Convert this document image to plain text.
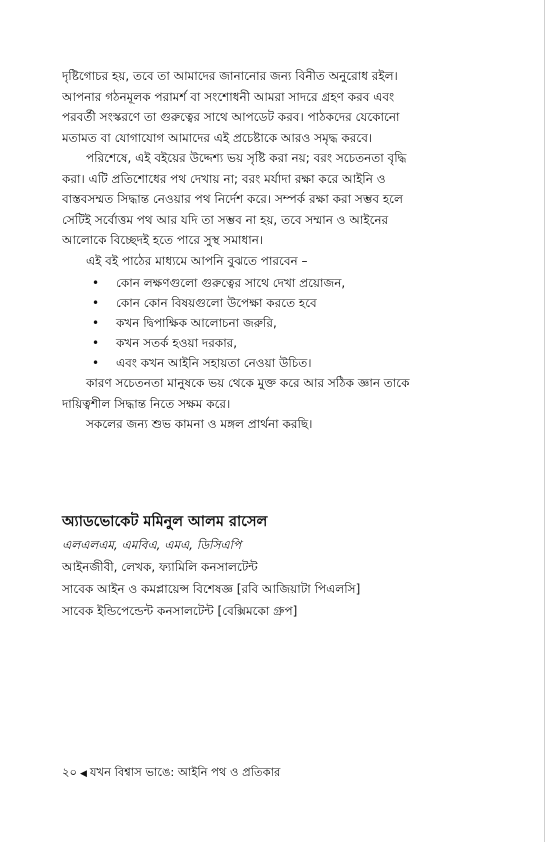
দৃষ্টিগোচর হয়, তবে তা আমাদের জানানোর জন্য বিনীত অনুরোধ রইল।
আপনার গঠনমূলক পরামর্শ বা সংশোধনী আমরা সাদরে গ্রহণ করব এবং
পরবর্তী সংস্করণে তা গুরুত্বের সাথে আপডেট করব। পাঠকদের যেকোনো
মতামত বা যোগাযোগ আমাদের এই প্রচেষ্টাকে আরও সমৃদ্ধ করবে।
পরিশেষে, এই বইয়ের উদ্দেশ্য ভয় সৃষ্টি করা নয়; বরং সচেতনতা বৃদ্ধি
করা। এটি প্রতিশোধের পথ দেখায় না; বরং মর্যাদা রক্ষা করে আইনি ও
বাস্তবসম্মত সিদ্ধান্ত নেওয়ার পথ নির্দেশ করে। সম্পর্ক রক্ষা করা সম্ভব হলে
সেটিই সর্বোত্তম পথ আর যদি তা সম্ভব না হয়, তবে সম্মান ও আইনের
আলোকে বিচ্ছেদই হতে পারে সুস্থ সমাধান।
এই বই পাঠের মাধ্যমে আপনি বুঝতে পারবেন –
• কোন লক্ষণগুলো গুরুত্বের সাথে দেখা প্রয়োজন,
• কোন কোন বিষয়গুলো উপেক্ষা করতে হবে
• কখন দ্বিপাক্ষিক আলোচনা জরুরি,
• কখন সতর্ক হওয়া দরকার,
• এবং কখন আইনি সহায়তা নেওয়া উচিত।
কারণ সচেতনতা মানুষকে ভয় থেকে মুক্ত করে আর সঠিক জ্ঞান তাকে
দায়িত্বশীল সিদ্ধান্ত নিতে সক্ষম করে।
সকলের জন্য শুভ কামনা ও মঙ্গল প্রার্থনা করছি।
অ্যাডভোকেট মমিনুল আলম রাসেল
এলএলএম, এমবিএ, এমএ, ডিসিএপি
আইনজীবী, লেখক, ফ্যামিলি কনসালটেন্ট
সাবেক আইন ও কমপ্লায়েন্স বিশেষজ্ঞ [রবি আজিয়াটা পিএলসি]
সাবেক ইন্ডিপেন্ডেন্ট কনসালটেন্ট [বেক্সিমকো গ্রুপ]
২০ ◀ যখন বিশ্বাস ভাঙে: আইনি পথ ও প্রতিকার
